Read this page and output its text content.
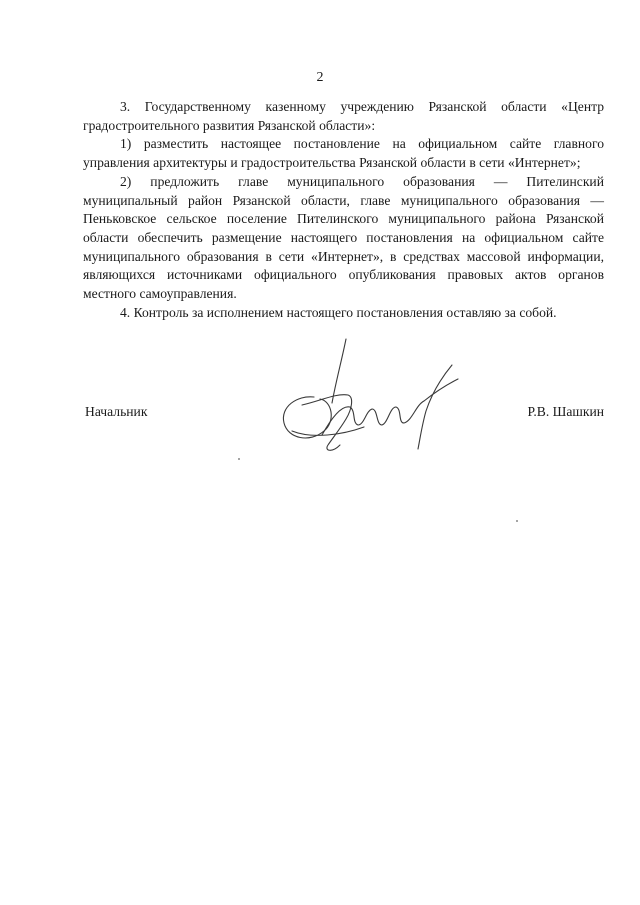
2

3. Государственному казенному учреждению Рязанской области «Центр градостроительного развития Рязанской области»:

1) разместить настоящее постановление на официальном сайте главного управления архитектуры и градостроительства Рязанской области в сети «Интернет»;

2) предложить главе муниципального образования — Пителинский муниципальный район Рязанской области, главе муниципального образования — Пеньковское сельское поселение Пителинского муниципального района Рязанской области обеспечить размещение настоящего постановления на официальном сайте муниципального образования в сети «Интернет», в средствах массовой информации, являющихся источниками официального опубликования правовых актов органов местного самоуправления.

4. Контроль за исполнением настоящего постановления оставляю за собой.

Начальник	Р.В. Шашкин
